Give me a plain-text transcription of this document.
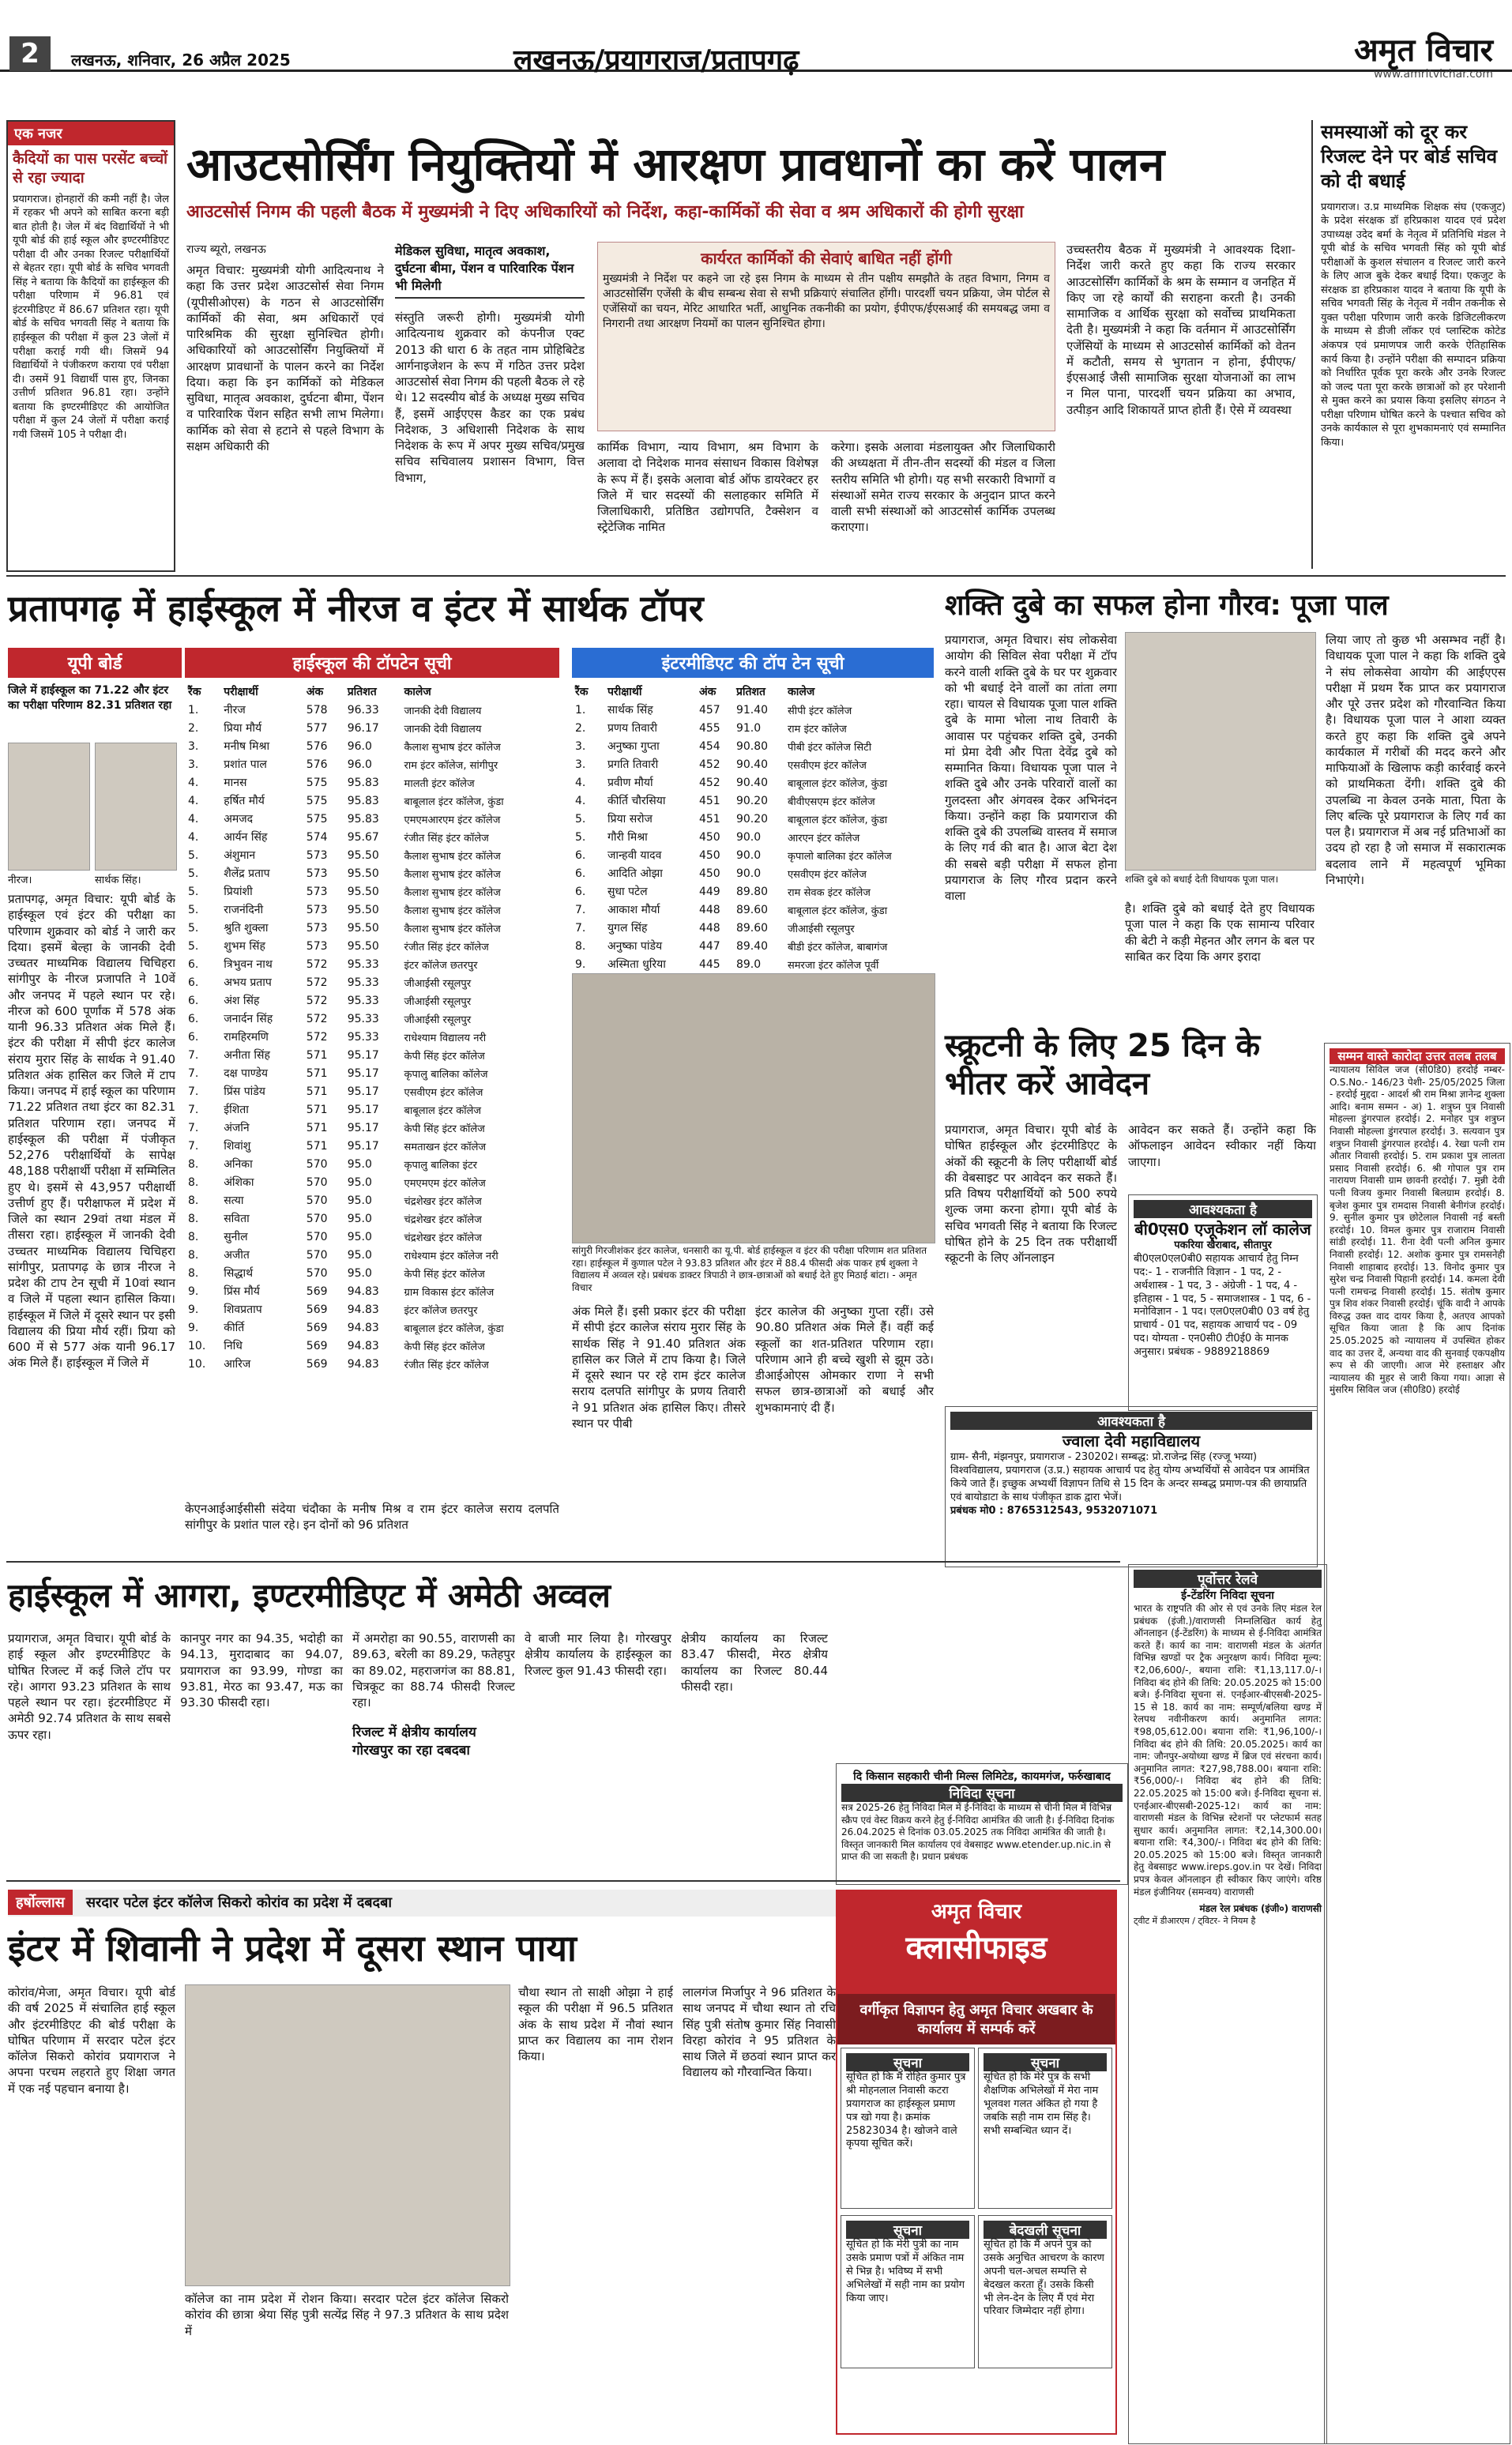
2	लखनऊ, शनिवार, 26 अप्रैल 2025	लखनऊ/प्रयागराज/प्रतापगढ़	अमृत विचार
www.amritvichar.com
एक नजर
कैदियों का पास परसेंट बच्चों से रहा ज्यादा
प्रयागराज। होनहारों की कमी नहीं है। जेल में रहकर भी अपने को साबित करना बड़ी बात होती है। जेल में बंद विद्यार्थियों ने भी यूपी बोर्ड की हाई स्कूल और इण्टरमीडिएट परीक्षा दी और उनका रिजल्ट परीक्षार्थियों से बेहतर रहा। यूपी बोर्ड के सचिव भगवती सिंह ने बताया कि कैदियों का हाईस्कूल की परीक्षा परिणाम में 96.81 एवं इंटरमीडिएट में 86.67 प्रतिशत रहा। यूपी बोर्ड के सचिव भगवती सिंह ने बताया कि हाईस्कूल की परीक्षा में कुल 23 जेलों में परीक्षा कराई गयी थी। जिसमें 94 विद्यार्थियों ने पंजीकरण कराया एवं परीक्षा दी। उसमें 91 विद्यार्थी पास हुए, जिनका उत्तीर्ण प्रतिशत 96.81 रहा। उन्होंने बताया कि इण्टरमीडिएट की आयोजित परीक्षा में कुल 24 जेलों में परीक्षा कराई गयी जिसमें 105 ने परीक्षा दी।
आउटसोर्सिंग नियुक्तियों में आरक्षण प्रावधानों का करें पालन
आउटसोर्स निगम की पहली बैठक में मुख्यमंत्री ने दिए अधिकारियों को निर्देश, कहा-कार्मिकों की सेवा व श्रम अधिकारों की होगी सुरक्षा
राज्य ब्यूरो, लखनऊ
अमृत विचार: मुख्यमंत्री योगी आदित्यनाथ ने कहा कि उत्तर प्रदेश आउटसोर्स सेवा निगम (यूपीसीओएस) के गठन से आउटसोर्सिंग कार्मिकों की सेवा, श्रम अधिकारों एवं पारिश्रमिक की सुरक्षा सुनिश्चित होगी। अधिकारियों को आउटसोर्सिंग नियुक्तियों में आरक्षण प्रावधानों के पालन करने का निर्देश दिया। कहा कि इन कार्मिकों को मेडिकल सुविधा, मातृत्व अवकाश, दुर्घटना बीमा, पेंशन व पारिवारिक पेंशन सहित सभी लाभ मिलेगा। कार्मिक को सेवा से हटाने से पहले विभाग के सक्षम अधिकारी की
मेडिकल सुविधा, मातृत्व अवकाश, दुर्घटना बीमा, पेंशन व पारिवारिक पेंशन भी मिलेगी
संस्तुति जरूरी होगी। मुख्यमंत्री योगी आदित्यनाथ शुक्रवार को कंपनीज एक्ट 2013 की धारा 6 के तहत नाम प्रोहिबिटेड आर्गनाइजेशन के रूप में गठित उत्तर प्रदेश आउटसोर्स सेवा निगम की पहली बैठक ले रहे थे। 12 सदस्यीय बोर्ड के अध्यक्ष मुख्य सचिव हैं, इसमें आईएएस कैडर का एक प्रबंध निदेशक, 3 अधिशासी निदेशक के साथ निदेशक के रूप में अपर मुख्य सचिव/प्रमुख सचिव सचिवालय प्रशासन विभाग, वित्त विभाग,
कार्यरत कार्मिकों की सेवाएं बाधित नहीं होंगी
मुख्यमंत्री ने निर्देश पर कहने जा रहे इस निगम के माध्यम से तीन पक्षीय समझौते के तहत विभाग, निगम व आउटसोर्सिंग एजेंसी के बीच सम्बन्ध सेवा से सभी प्रक्रियाएं संचालित होंगी। पारदर्शी चयन प्रक्रिया, जेम पोर्टल से एजेंसियों का चयन, मेरिट आधारित भर्ती, आधुनिक तकनीकी का प्रयोग, ईपीएफ/ईएसआई की समयबद्ध जमा व निगरानी तथा आरक्षण नियमों का पालन सुनिश्चित होगा।
कार्मिक विभाग, न्याय विभाग, श्रम विभाग के अलावा दो निदेशक मानव संसाधन विकास विशेषज्ञ के रूप में हैं। इसके अलावा बोर्ड ऑफ डायरेक्टर हर जिले में चार सदस्यों की सलाहकार समिति में जिलाधिकारी, प्रतिष्ठित उद्योगपति, टैक्सेशन व स्ट्रेटेजिक नामित
करेगा। इसके अलावा मंडलायुक्त और जिलाधिकारी की अध्यक्षता में तीन-तीन सदस्यों की मंडल व जिला स्तरीय समिति भी होगी। यह सभी सरकारी विभागों व संस्थाओं समेत राज्य सरकार के अनुदान प्राप्त करने वाली सभी संस्थाओं को आउटसोर्स कार्मिक उपलब्ध कराएगा।
उच्चस्तरीय बैठक में मुख्यमंत्री ने आवश्यक दिशा-निर्देश जारी करते हुए कहा कि राज्य सरकार आउटसोर्सिंग कार्मिकों के श्रम के सम्मान व जनहित में किए जा रहे कार्यों की सराहना करती है। उनकी सामाजिक व आर्थिक सुरक्षा को सर्वोच्च प्राथमिकता देती है। मुख्यमंत्री ने कहा कि वर्तमान में आउटसोर्सिंग एजेंसियों के माध्यम से आउटसोर्स कार्मिकों को वेतन में कटौती, समय से भुगतान न होना, ईपीएफ/ईएसआई जैसी सामाजिक सुरक्षा योजनाओं का लाभ न मिल पाना, पारदर्शी चयन प्रक्रिया का अभाव, उत्पीड़न आदि शिकायतें प्राप्त होती हैं। ऐसे में व्यवस्था
समस्याओं को दूर कर रिजल्ट देने पर बोर्ड सचिव को दी बधाई
प्रयागराज। उ.प्र माध्यमिक शिक्षक संघ (एकजुट) के प्रदेश संरक्षक डॉ हरिप्रकाश यादव एवं प्रदेश उपाध्यक्ष उदेद बर्मा के नेतृत्व में प्रतिनिधि मंडल ने यूपी बोर्ड के सचिव भगवती सिंह को यूपी बोर्ड परीक्षाओं के कुशल संचालन व रिजल्ट जारी करने के लिए आज बुके देकर बधाई दिया। एकजुट के संरक्षक डा हरिप्रकाश यादव ने बताया कि यूपी के सचिव भगवती सिंह के नेतृत्व में नवीन तकनीक से युक्त परीक्षा परिणाम जारी करके डिजिटलीकरण के माध्यम से डीजी लॉकर एवं प्लास्टिक कोटेड अंकपत्र एवं प्रमाणपत्र जारी करके ऐतिहासिक कार्य किया है। उन्होंने परीक्षा की सम्पादन प्रक्रिया को निर्धारित पूर्वक पूरा करके और उनके रिजल्ट को जल्द पता पूरा करके छात्राओं को हर परेशानी से मुक्त करने का प्रयास किया इसलिए संगठन ने परीक्षा परिणाम घोषित करने के पश्चात सचिव को उनके कार्यकाल से पूरा शुभकामनाएं एवं सम्मानित किया।
प्रतापगढ़ में हाईस्कूल में नीरज व इंटर में सार्थक टॉपर
यूपी बोर्ड
जिले में हाईस्कूल का 71.22 और इंटर का परीक्षा परिणाम 82.31 प्रतिशत रहा
नीरज।	सार्थक सिंह।
प्रतापगढ़, अमृत विचार: यूपी बोर्ड के हाईस्कूल एवं इंटर की परीक्षा का परिणाम शुक्रवार को बोर्ड ने जारी कर दिया। इसमें बेल्हा के जानकी देवी उच्चतर माध्यमिक विद्यालय चिचिहरा सांगीपुर के नीरज प्रजापति ने 10वें और जनपद में पहले स्थान पर रहे। नीरज को 600 पूर्णांक में 578 अंक यानी 96.33 प्रतिशत अंक मिले हैं। इंटर की परीक्षा में सीपी इंटर कालेज संराय मुरार सिंह के सार्थक ने 91.40 प्रतिशत अंक हासिल कर जिले में टाप किया। जनपद में हाई स्कूल का परिणाम 71.22 प्रतिशत तथा इंटर का 82.31 प्रतिशत परिणाम रहा। जनपद में हाईस्कूल की परीक्षा में पंजीकृत 52,276 परीक्षार्थियों के सापेक्ष 48,188 परीक्षार्थी परीक्षा में सम्मिलित हुए थे। इसमें से 43,957 परीक्षार्थी उत्तीर्ण हुए हैं। परीक्षाफल में प्रदेश में जिले का स्थान 29वां तथा मंडल में तीसरा रहा। हाईस्कूल में जानकी देवी उच्चतर माध्यमिक विद्यालय चिचिहरा सांगीपुर, प्रतापगढ़ के छात्र नीरज ने प्रदेश की टाप टेन सूची में 10वां स्थान व जिले में पहला स्थान हासिल किया। हाईस्कूल में जिले में दूसरे स्थान पर इसी विद्यालय की प्रिया मौर्य रहीं। प्रिया को 600 में से 577 अंक यानी 96.17 अंक मिले हैं। हाईस्कूल में जिले में
हाईस्कूल की टॉपटेन सूची
रैंक	परीक्षार्थी	अंक	प्रतिशत	कालेज
1.	नीरज	578	96.33	जानकी देवी विद्यालय
2.	प्रिया मौर्य	577	96.17	जानकी देवी विद्यालय
3.	मनीष मिश्रा	576	96.0	कैलाश सुभाष इंटर कॉलेज
3.	प्रशांत पाल	576	96.0	राम इंटर कॉलेज, सांगीपुर
4.	मानस	575	95.83	मालती इंटर कॉलेज
4.	हर्षित मौर्य	575	95.83	बाबूलाल इंटर कॉलेज, कुंडा
4.	अमजद	575	95.83	एमएमआरएम इंटर कॉलेज
4.	आर्यन सिंह	574	95.67	रंजीत सिंह इंटर कॉलेज
5.	अंशुमान	573	95.50	कैलाश सुभाष इंटर कॉलेज
5.	शैलेंद्र प्रताप	573	95.50	कैलाश सुभाष इंटर कॉलेज
5.	प्रियांशी	573	95.50	कैलाश सुभाष इंटर कॉलेज
5.	राजनंदिनी	573	95.50	कैलाश सुभाष इंटर कॉलेज
5.	श्रुति शुक्ला	573	95.50	कैलाश सुभाष इंटर कॉलेज
5.	शुभम सिंह	573	95.50	रंजीत सिंह इंटर कॉलेज
6.	त्रिभुवन नाथ	572	95.33	इंटर कॉलेज छतरपुर
6.	अभय प्रताप	572	95.33	जीआईसी रसूलपुर
6.	अंश सिंह	572	95.33	जीआईसी रसूलपुर
6.	जनार्दन सिंह	572	95.33	जीआईसी रसूलपुर
6.	रामहिरमणि	572	95.33	राधेश्याम विद्यालय नरी
7.	अनीता सिंह	571	95.17	केपी सिंह इंटर कॉलेज
7.	दक्ष पाण्डेय	571	95.17	कृपालु बालिका कॉलेज
7.	प्रिंस पांडेय	571	95.17	एसवीएम इंटर कॉलेज
7.	ईशिता	571	95.17	बाबूलाल इंटर कॉलेज
7.	अंजनि	571	95.17	केपी सिंह इंटर कॉलेज
7.	शिवांशु	571	95.17	समताखन इंटर कॉलेज
8.	अनिका	570	95.0	कृपालु बालिका इंटर
8.	अंशिका	570	95.0	एमएमएम इंटर कॉलेज
8.	सत्या	570	95.0	चंद्रशेखर इंटर कॉलेज
8.	सविता	570	95.0	चंद्रशेखर इंटर कॉलेज
8.	सुनील	570	95.0	चंद्रशेखर इंटर कॉलेज
8.	अजीत	570	95.0	राधेश्याम इंटर कॉलेज नरी
8.	सिद्धार्थ	570	95.0	केपी सिंह इंटर कॉलेज
9.	प्रिंस मौर्य	569	94.83	ग्राम विकास इंटर कॉलेज
9.	शिवप्रताप	569	94.83	इंटर कॉलेज छतरपुर
9.	कीर्ति	569	94.83	बाबूलाल इंटर कॉलेज, कुंडा
10.	निधि	569	94.83	केपी सिंह इंटर कॉलेज
10.	आरिज	569	94.83	रंजीत सिंह इंटर कॉलेज
इंटरमीडिएट की टॉप टेन सूची
रैंक	परीक्षार्थी	अंक	प्रतिशत	कालेज
1.	सार्थक सिंह	457	91.40	सीपी इंटर कॉलेज
2.	प्रणय तिवारी	455	91.0	राम इंटर कॉलेज
3.	अनुष्का गुप्ता	454	90.80	पीबी इंटर कॉलेज सिटी
3.	प्रगति तिवारी	452	90.40	एसवीएम इंटर कॉलेज
4.	प्रवीण मौर्या	452	90.40	बाबूलाल इंटर कॉलेज, कुंडा
4.	कीर्ति चौरसिया	451	90.20	बीवीएसएम इंटर कॉलेज
5.	प्रिया सरोज	451	90.20	बाबूलाल इंटर कॉलेज, कुंडा
5.	गौरी मिश्रा	450	90.0	आरएन इंटर कॉलेज
6.	जान्हवी यादव	450	90.0	कृपालो बालिका इंटर कॉलेज
6.	आदिति ओझा	450	90.0	एसवीएम इंटर कॉलेज
6.	सुधा पटेल	449	89.80	राम सेवक इंटर कॉलेज
7.	आकाश मौर्या	448	89.60	बाबूलाल इंटर कॉलेज, कुंडा
7.	युगल सिंह	448	89.60	जीआईसी रसूलपुर
8.	अनुष्का पांडेय	447	89.40	बीडी इंटर कॉलेज, बाबागंज
9.	अस्मिता धुरिया	445	89.0	समरजा इंटर कॉलेज पूर्वी

सांगुरी गिरजीशंकर इंटर कालेज, धनसारी का यू.पी. बोर्ड हाईस्कूल व इंटर की परीक्षा परिणाम शत प्रतिशत रहा। हाईस्कूल में कुणाल पटेल ने 93.83 प्रतिशत और इंटर में 88.4 फीसदी अंक पाकर हर्ष शुक्ला ने विद्यालय में अव्वल रहे। प्रबंधक डाक्टर त्रिपाठी ने छात्र-छात्राओं को बधाई देते हुए मिठाई बांटा। - अमृत विचार
अंक मिले हैं। इसी प्रकार इंटर की परीक्षा में सीपी इंटर कालेज संराय मुरार सिंह के सार्थक सिंह ने 91.40 प्रतिशत अंक हासिल कर जिले में टाप किया है। जिले में दूसरे स्थान पर रहे राम इंटर कालेज सराय दलपति सांगीपुर के प्रणय तिवारी ने 91 प्रतिशत अंक हासिल किए। तीसरे स्थान पर पीबी
इंटर कालेज की अनुष्का गुप्ता रहीं। उसे 90.80 प्रतिशत अंक मिले हैं। वहीं कई स्कूलों का शत-प्रतिशत परिणाम रहा। परिणाम आने ही बच्चे खुशी से झूम उठे। डीआईओएस ओमकार राणा ने सभी सफल छात्र-छात्राओं को बधाई और शुभकामनाएं दी हैं।
केएनआईआईसीसी संदेया चंदौका के मनीष मिश्र व राम इंटर कालेज सराय दलपति सांगीपुर के प्रशांत पाल रहे। इन दोनों को 96 प्रतिशत
शक्ति दुबे का सफल होना गौरव: पूजा पाल
प्रयागराज, अमृत विचार। संघ लोकसेवा आयोग की सिविल सेवा परीक्षा में टॉप करने वाली शक्ति दुबे के घर पर शुक्रवार को भी बधाई देने वालों का तांता लगा रहा। चायल से विधायक पूजा पाल शक्ति दुबे के मामा भोला नाथ तिवारी के आवास पर पहुंचकर शक्ति दुबे, उनकी मां प्रेमा देवी और पिता देवेंद्र दुबे को सम्मानित किया। विधायक पूजा पाल ने शक्ति दुबे और उनके परिवारों वालों का गुलदस्ता और अंगवस्त्र देकर अभिनंदन किया। उन्होंने कहा कि प्रयागराज की शक्ति दुबे की उपलब्धि वास्तव में समाज के लिए गर्व की बात है। आज बेटा देश की सबसे बड़ी परीक्षा में सफल होना प्रयागराज के लिए गौरव प्रदान करने वाला
शक्ति दुबे को बधाई देती विधायक पूजा पाल।
है। शक्ति दुबे को बधाई देते हुए विधायक पूजा पाल ने कहा कि एक सामान्य परिवार की बेटी ने कड़ी मेहनत और लगन के बल पर साबित कर दिया कि अगर इरादा
लिया जाए तो कुछ भी असम्भव नहीं है। विधायक पूजा पाल ने कहा कि शक्ति दुबे ने संघ लोकसेवा आयोग की आईएएस परीक्षा में प्रथम रैंक प्राप्त कर प्रयागराज और पूरे उत्तर प्रदेश को गौरवान्वित किया है। विधायक पूजा पाल ने आशा व्यक्त करते हुए कहा कि शक्ति दुबे अपने कार्यकाल में गरीबों की मदद करने और माफियाओं के खिलाफ कड़ी कार्रवाई करने को प्राथमिकता देंगी। शक्ति दुबे की उपलब्धि ना केवल उनके माता, पिता के लिए बल्कि पूरे प्रयागराज के लिए गर्व का पल है। प्रयागराज में अब नई प्रतिभाओं का उदय हो रहा है जो समाज में सकारात्मक बदलाव लाने में महत्वपूर्ण भूमिका निभाएंगे।
स्क्रूटनी के लिए 25 दिन के भीतर करें आवेदन
प्रयागराज, अमृत विचार। यूपी बोर्ड के घोषित हाईस्कूल और इंटरमीडिएट के अंकों की स्क्रूटनी के लिए परीक्षार्थी बोर्ड की वेबसाइट पर आवेदन कर सकते हैं। प्रति विषय परीक्षार्थियों को 500 रुपये शुल्क जमा करना होगा। यूपी बोर्ड के सचिव भगवती सिंह ने बताया कि रिजल्ट घोषित होने के 25 दिन तक परीक्षार्थी स्क्रूटनी के लिए ऑनलाइन
आवेदन कर सकते हैं। उन्होंने कहा कि ऑफलाइन आवेदन स्वीकार नहीं किया जाएगा।
आवश्यकता है
बी0एस0 एजूकेशन लॉ कालेज
पकरिया खैराबाद, सीतापुर
बी0एल0एल0बी0 सहायक आचार्य हेतु निम्न पद:- 1 - राजनीति विज्ञान - 1 पद, 2 - अर्थशास्त्र - 1 पद, 3 - अंग्रेजी - 1 पद, 4 - इतिहास - 1 पद, 5 - समाजशास्त्र - 1 पद, 6 - मनोविज्ञान - 1 पद। एल0एल0बी0 03 वर्ष हेतु प्राचार्य - 01 पद, सहायक आचार्य पद - 09 पद। योग्यता - एन0सी0 टी0ई0 के मानक अनुसार। प्रबंधक - 9889218869
आवश्यकता है
ज्वाला देवी महाविद्यालय
ग्राम- सैनी, मंझनपुर, प्रयागराज - 230202। सम्बद्ध: प्रो.राजेन्द्र सिंह (रज्जू भय्या) विश्वविद्यालय, प्रयागराज (उ.प्र.) सहायक आचार्य पद हेतु योग्य अभ्यर्थियों से आवेदन पत्र आमंत्रित किये जाते हैं। इच्छुक अभ्यर्थी विज्ञापन तिथि से 15 दिन के अन्दर सम्बद्ध प्रमाण-पत्र की छायाप्रति एवं बायोडाटा के साथ पंजीकृत डाक द्वारा भेजें।
प्रबंधक मो0 : 8765312543, 9532071071
सम्मन वास्ते कारोदा उत्तर तलब तलब
न्यायालय सिविल जज (सी0डि0) हरदोई नम्बर- O.S.No.- 146/23 पेशी- 25/05/2025 जिला - हरदोई मुद्ददा - आदर्श श्री राम मिश्रा ज्ञानेन्द्र शुक्ला आदि। बनाम सम्मन - अ) 1. शत्रुघ्न पुत्र निवासी मोहल्ला डुंगरपाल हरदोई। 2. मनोहर पुत्र शत्रुघ्न निवासी मोहल्ला डुंगरपाल हरदोई। 3. सत्यवान पुत्र शत्रुघ्न निवासी डुंगरपाल हरदोई। 4. रेखा पत्नी राम औतार निवासी हरदोई। 5. राम प्रकाश पुत्र लालता प्रसाद निवासी हरदोई। 6. श्री गोपाल पुत्र राम नारायण निवासी ग्राम छावनी हरदोई। 7. मुन्नी देवी पत्नी विजय कुमार निवासी बिलग्राम हरदोई। 8. बृजेश कुमार पुत्र रामदास निवासी बेनीगंज हरदोई। 9. सुनील कुमार पुत्र छोटेलाल निवासी नई बस्ती हरदोई। 10. विमल कुमार पुत्र राजाराम निवासी सांडी हरदोई। 11. रीना देवी पत्नी अनिल कुमार निवासी हरदोई। 12. अशोक कुमार पुत्र रामसनेही निवासी शाहाबाद हरदोई। 13. विनोद कुमार पुत्र सुरेश चन्द्र निवासी पिहानी हरदोई। 14. कमला देवी पत्नी रामचन्द्र निवासी हरदोई। 15. संतोष कुमार पुत्र शिव शंकर निवासी हरदोई। चूंकि वादी ने आपके विरुद्ध उक्त वाद दायर किया है, अतएव आपको सूचित किया जाता है कि आप दिनांक 25.05.2025 को न्यायालय में उपस्थित होकर वाद का उत्तर दें, अन्यथा वाद की सुनवाई एकपक्षीय रूप से की जाएगी। आज मेरे हस्ताक्षर और न्यायालय की मुहर से जारी किया गया। आज्ञा से मुंसरिम सिविल जज (सी0डि0) हरदोई
पूर्वोत्तर रेलवे
ई-टेंडरिंग निविदा सूचना
भारत के राष्ट्रपति की ओर से एवं उनके लिए मंडल रेल प्रबंधक (इंजी.)/वाराणसी निम्नलिखित कार्य हेतु ऑनलाइन (ई-टेंडरिंग) के माध्यम से ई-निविदा आमंत्रित करते हैं। कार्य का नाम: वाराणसी मंडल के अंतर्गत विभिन्न खण्डों पर ट्रैक अनुरक्षण कार्य। निविदा मूल्य: ₹2,06,600/-, बयाना राशि: ₹1,13,117.0/-। निविदा बंद होने की तिथि: 20.05.2025 को 15:00 बजे। ई-निविदा सूचना सं. एनईआर-बीएसबी-2025-15 से 18. कार्य का नाम: सम्पूर्ण/बलिया खण्ड में रेलपथ नवीनीकरण कार्य। अनुमानित लागत: ₹98,05,612.00। बयाना राशि: ₹1,96,100/-। निविदा बंद होने की तिथि: 20.05.2025। कार्य का नाम: जौनपुर-अयोध्या खण्ड में ब्रिज एवं संरचना कार्य। अनुमानित लागत: ₹27,98,788.00। बयाना राशि: ₹56,000/-। निविदा बंद होने की तिथि: 22.05.2025 को 15:00 बजे। ई-निविदा सूचना सं. एनईआर-बीएसबी-2025-12। कार्य का नाम: वाराणसी मंडल के विभिन्न स्टेशनों पर प्लेटफार्म सतह सुधार कार्य। अनुमानित लागत: ₹2,14,300.00। बयाना राशि: ₹4,300/-। निविदा बंद होने की तिथि: 20.05.2025 को 15:00 बजे। विस्तृत जानकारी हेतु वेबसाइट www.ireps.gov.in पर देखें। निविदा प्रपत्र केवल ऑनलाइन ही स्वीकार किए जाएंगे। वरिष्ठ मंडल इंजीनियर (समन्वय) वाराणसी
मंडल रेल प्रबंधक (इंजी०) वाराणसी
ट्वीट में डीआरएम / ट्विटर- ने नियम है
दि किसान सहकारी चीनी मिल्स लिमिटेड, कायमगंज, फर्रुखाबाद
निविदा सूचना
सत्र 2025-26 हेतु निविदा मिल में ई-निविदा के माध्यम से चीनी मिल में विभिन्न स्क्रैप एवं वेस्ट विक्रय करने हेतु ई-निविदा आमंत्रित की जाती है। ई-निविदा दिनांक 26.04.2025 से दिनांक 03.05.2025 तक निविदा आमंत्रित की जाती है। विस्तृत जानकारी मिल कार्यालय एवं वेबसाइट www.etender.up.nic.in से प्राप्त की जा सकती है। प्रधान प्रबंधक
हाईस्कूल में आगरा, इण्टरमीडिएट में अमेठी अव्वल
प्रयागराज, अमृत विचार। यूपी बोर्ड के हाई स्कूल और इण्टरमीडिएट के घोषित रिजल्ट में कई जिले टॉप पर रहे। आगरा 93.23 प्रतिशत के साथ पहले स्थान पर रहा। इंटरमीडिएट में अमेठी 92.74 प्रतिशत के साथ सबसे ऊपर रहा।
कानपुर नगर का 94.35, भदोही का 94.13, मुरादाबाद का 94.07, प्रयागराज का 93.99, गोण्डा का 93.81, मेरठ का 93.47, मऊ का 93.30 फीसदी रहा।
में अमरोहा का 90.55, वाराणसी का 89.63, बरेली का 89.29, फतेहपुर का 89.02, महराजगंज का 88.81, चित्रकूट का 88.74 फीसदी रिजल्ट रहा।
रिजल्ट में क्षेत्रीय कार्यालय गोरखपुर का रहा दबदबा
वे बाजी मार लिया है। गोरखपुर क्षेत्रीय कार्यालय के हाईस्कूल का रिजल्ट कुल 91.43 फीसदी रहा।
क्षेत्रीय कार्यालय का रिजल्ट 83.47 फीसदी, मेरठ क्षेत्रीय कार्यालय का रिजल्ट 80.44 फीसदी रहा।
हर्षोल्लास सरदार पटेल इंटर कॉलेज सिकरो कोरांव का प्रदेश में दबदबा
इंटर में शिवानी ने प्रदेश में दूसरा स्थान पाया
कोरांव/मेजा, अमृत विचार। यूपी बोर्ड की वर्ष 2025 में संचालित हाई स्कूल और इंटरमीडिएट की बोर्ड परीक्षा के घोषित परिणाम में सरदार पटेल इंटर कॉलेज सिकरो कोरांव प्रयागराज ने अपना परचम लहराते हुए शिक्षा जगत में एक नई पहचान बनाया है।
कॉलेज का नाम प्रदेश में रोशन किया। सरदार पटेल इंटर कॉलेज सिकरो कोरांव की छात्रा श्रेया सिंह पुत्री सत्येंद्र सिंह ने 97.3 प्रतिशत के साथ प्रदेश में
चौथा स्थान तो साक्षी ओझा ने हाई स्कूल की परीक्षा में 96.5 प्रतिशत अंक के साथ प्रदेश में नौवां स्थान प्राप्त कर विद्यालय का नाम रोशन किया।
लालगंज मिर्जापुर ने 96 प्रतिशत के साथ जनपद में चौथा स्थान तो रचि सिंह पुत्री संतोष कुमार सिंह निवासी विरहा कोरांव ने 95 प्रतिशत के साथ जिले में छठवां स्थान प्राप्त कर विद्यालय को गौरवान्वित किया।
अमृत विचार
क्लासीफाइड
वर्गीकृत विज्ञापन हेतु अमृत विचार अखबार के कार्यालय में सम्पर्क करें
सूचना
सूचित हो कि मैं रोहित कुमार पुत्र श्री मोहनलाल निवासी कटरा प्रयागराज का हाईस्कूल प्रमाण पत्र खो गया है। क्रमांक 25823034 है। खोजने वाले कृपया सूचित करें।
सूचना
सूचित हो कि मेरे पुत्र के सभी शैक्षणिक अभिलेखों में मेरा नाम भूलवश गलत अंकित हो गया है जबकि सही नाम राम सिंह है। सभी सम्बन्धित ध्यान दें।
सूचना
सूचित हो कि मेरी पुत्री का नाम उसके प्रमाण पत्रों में अंकित नाम से भिन्न है। भविष्य में सभी अभिलेखों में सही नाम का प्रयोग किया जाए।
बेदखली सूचना
सूचित हो कि मैं अपने पुत्र को उसके अनुचित आचरण के कारण अपनी चल-अचल सम्पत्ति से बेदखल करता हूँ। उसके किसी भी लेन-देन के लिए मैं एवं मेरा परिवार जिम्मेदार नहीं होगा।
